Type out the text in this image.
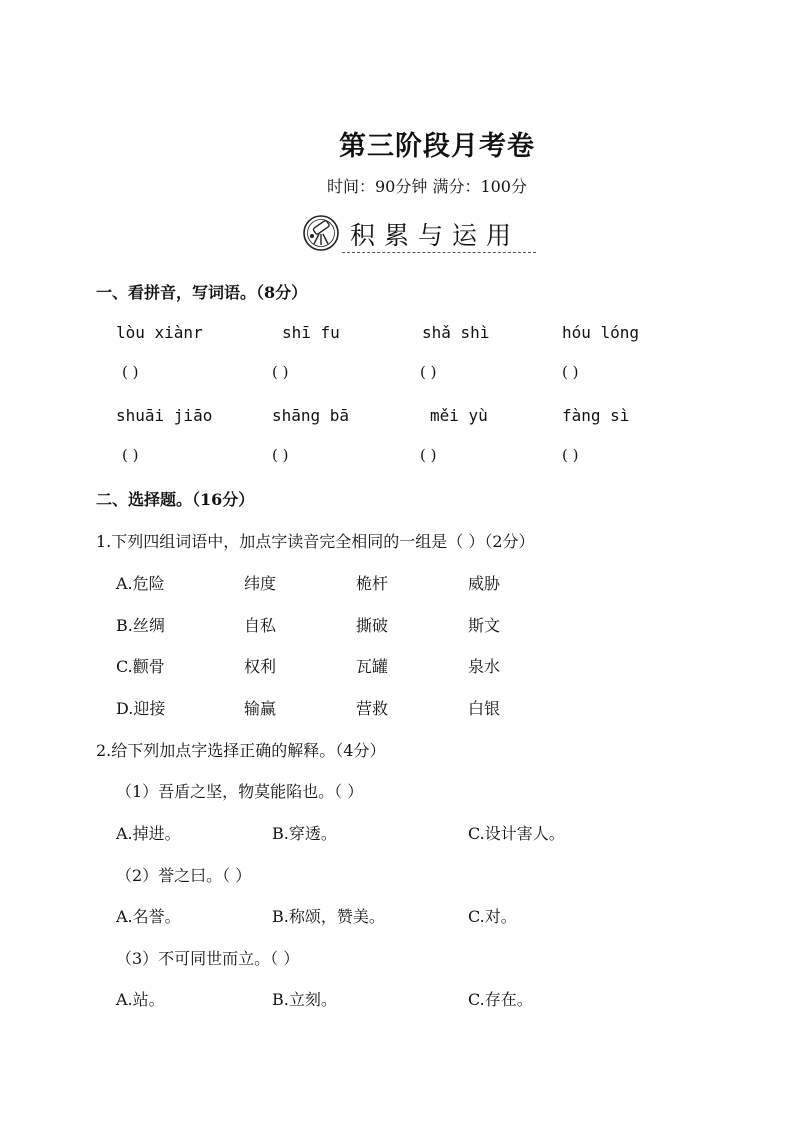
第三阶段月考卷
时间：90分钟 满分：100分
积累与运用
一、看拼音，写词语。（8分）
lòu xiànr	shī fu	shǎ shì	hóu lóng
( )	( )	( )	( )
shuāi jiāo	shāng bā	měi yù	fàng sì
( )	( )	( )	( )
二、选择题。（16分）
1.下列四组词语中，加点字读音完全相同的一组是（ ）（2分）
A.危险	纬度	桅杆	威胁
B.丝绸	自私	撕破	斯文
C.颧骨	权利	瓦罐	泉水
D.迎接	输赢	营救	白银
2.给下列加点字选择正确的解释。（4分）
（1）吾盾之坚，物莫能陷也。（ ）
A.掉进。	B.穿透。	C.设计害人。
（2）誉之曰。（ ）
A.名誉。	B.称颂，赞美。	C.对。
（3）不可同世而立。（ ）
A.站。	B.立刻。	C.存在。
